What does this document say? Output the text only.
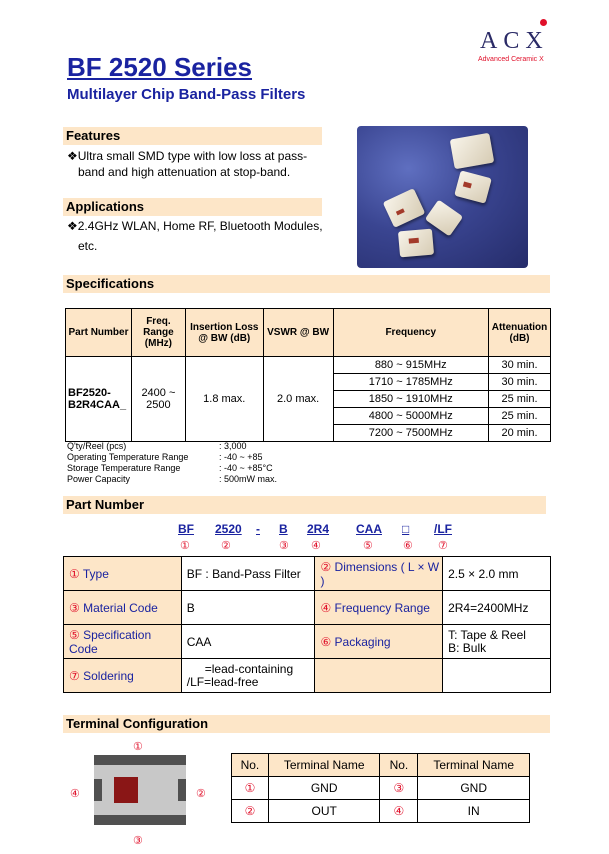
ACX
Advanced Ceramic X
BF 2520 Series
Multilayer Chip Band-Pass Filters
Features
❖Ultra small SMD type with low loss at pass-
band and high attenuation at stop-band.
Applications
❖2.4GHz WLAN, Home RF, Bluetooth Modules,
etc.
Specifications
Part Number	Freq. Range (MHz)	Insertion Loss @ BW (dB)	VSWR @ BW	Frequency	Attenuation (dB)
BF2520-B2R4CAA_	2400 ~ 2500	1.8 max.	2.0 max.	880 ~ 915MHz	30 min.
				1710 ~ 1785MHz	30 min.
				1850 ~ 1910MHz	25 min.
				4800 ~ 5000MHz	25 min.
				7200 ~ 7500MHz	20 min.
Q'ty/Reel (pcs)	: 3,000
Operating Temperature Range	: -40 ~ +85
Storage Temperature Range	: -40 ~ +85°C
Power Capacity	: 500mW max.
Part Number
BF 2520 - B 2R4 CAA □ /LF
①	②	③ ④	⑤	⑥ ⑦
① Type	BF : Band-Pass Filter	② Dimensions ( L × W )	2.5 × 2.0 mm
③ Material Code	B	④ Frequency Range	2R4=2400MHz
⑤ Specification Code	CAA	⑥ Packaging	T: Tape & Reel
B: Bulk

⑦ Soldering	=lead-containing
/LF=lead-free		

Terminal Configuration
①
④	②
③
No.	Terminal Name	No.	Terminal Name
①	GND	③	GND
②	OUT	④	IN
